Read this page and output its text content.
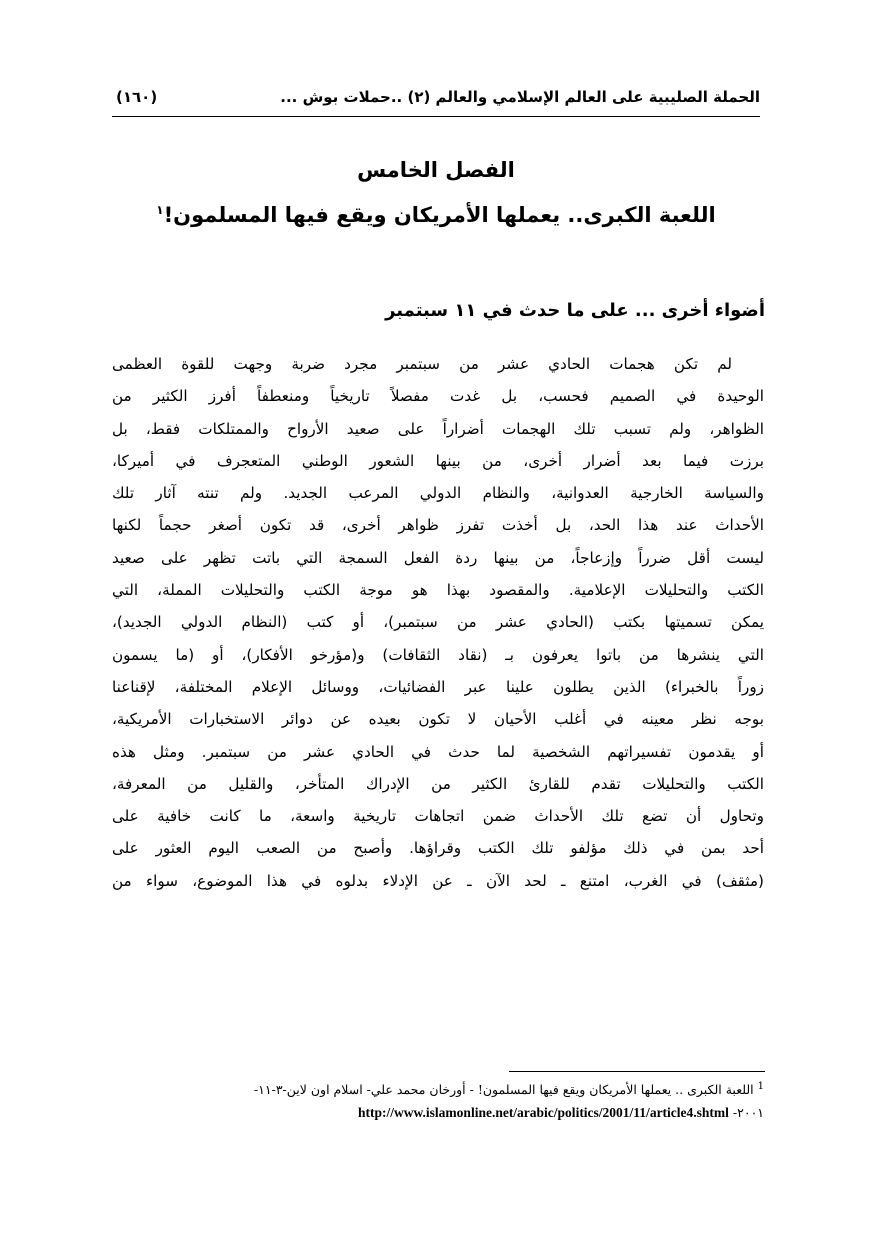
الحملة الصليبية على العالم الإسلامي والعالم (٢) ..حملات بوش ...
(١٦٠)
الفصل الخامس
اللعبة الكبرى.. يعملها الأمريكان ويقع فيها المسلمون!$^١$
أضواء أخرى ... على ما حدث في ١١ سبتمبر
لم تكن هجمات الحادي عشر من سبتمبر مجرد ضربة وجهت للقوة العظمى
الوحيدة في الصميم فحسب، بل غدت مفصلاً تاريخياً ومنعطفاً أفرز الكثير من
الظواهر، ولم تسبب تلك الهجمات أضراراً على صعيد الأرواح والممتلكات فقط، بل
برزت فيما بعد أضرار أخرى، من بينها الشعور الوطني المتعجرف في أميركا،
والسياسة الخارجية العدوانية، والنظام الدولي المرعب الجديد. ولم تنته آثار تلك
الأحداث عند هذا الحد، بل أخذت تفرز ظواهر أخرى، قد تكون أصغر حجماً لكنها
ليست أقل ضرراً وإزعاجاً، من بينها ردة الفعل السمجة التي باتت تظهر على صعيد
الكتب والتحليلات الإعلامية. والمقصود بهذا هو موجة الكتب والتحليلات المملة، التي
يمكن تسميتها بكتب (الحادي عشر من سبتمبر)، أو كتب (النظام الدولي الجديد)،
التي ينشرها من باتوا يعرفون بـ (نقاد الثقافات) و(مؤرخو الأفكار)، أو (ما يسمون
زوراً بالخبراء) الذين يطلون علينا عبر الفضائيات، ووسائل الإعلام المختلفة، لإقناعنا
بوجه نظر معينه في أغلب الأحيان لا تكون بعيده عن دوائر الاستخبارات الأمريكية،
أو يقدمون تفسيراتهم الشخصية لما حدث في الحادي عشر من سبتمبر. ومثل هذه
الكتب والتحليلات تقدم للقارئ الكثير من الإدراك المتأخر، والقليل من المعرفة،
وتحاول أن تضع تلك الأحداث ضمن اتجاهات تاريخية واسعة، ما كانت خافية على
أحد بمن في ذلك مؤلفو تلك الكتب وقراؤها. وأصبح من الصعب اليوم العثور على
(مثقف) في الغرب، امتنع ـ لحد الآن ـ عن الإدلاء بدلوه في هذا الموضوع، سواء من
$^1$ اللعبة الكبرى .. يعملها الأمريكان ويقع فيها المسلمون! - أورخان محمد علي- اسلام اون لاين-٣-١١-
٢٠٠١- http://www.islamonline.net/arabic/politics/2001/11/article4.shtml
